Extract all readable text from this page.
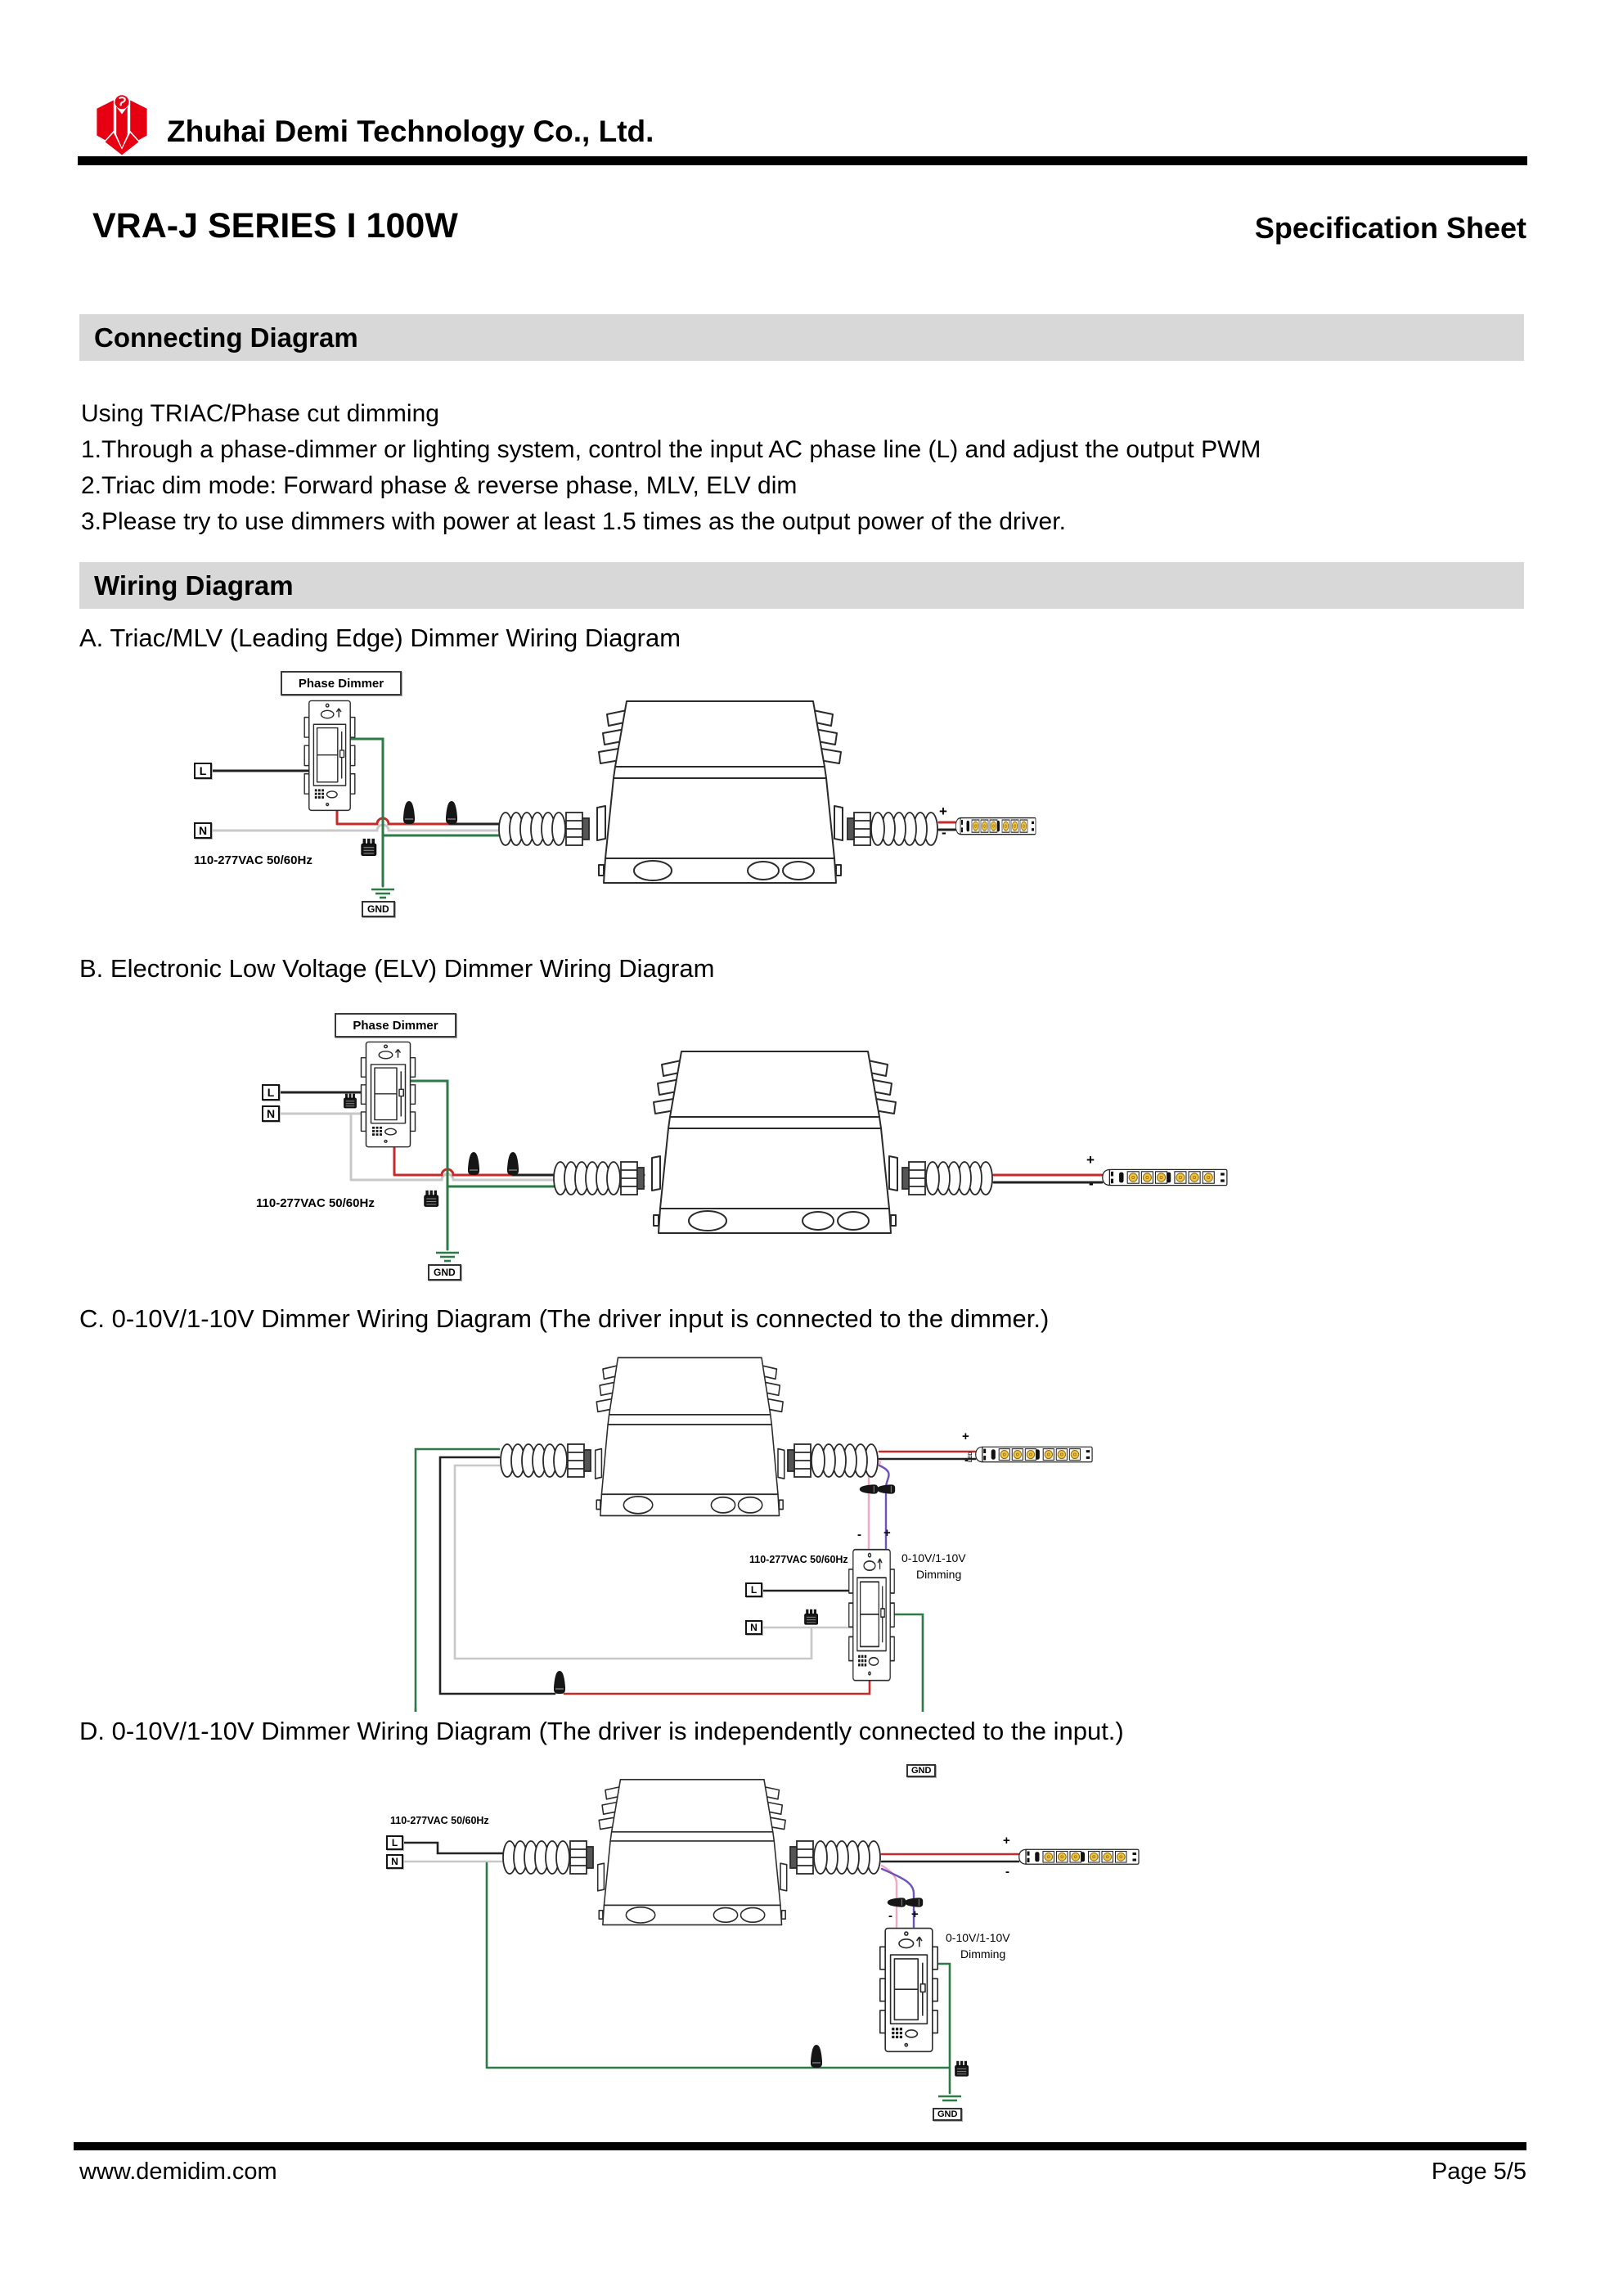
Zhuhai Demi Technology Co., Ltd.
VRA-J SERIES I 100W	Specification Sheet
Connecting Diagram
Using TRIAC/Phase cut dimming
1.Through a phase-dimmer or lighting system, control the input AC phase line (L) and adjust the output PWM
2.Triac dim mode: Forward phase & reverse phase, MLV, ELV dim
3.Please try to use dimmers with power at least 1.5 times as the output power of the driver.
Wiring Diagram
A. Triac/MLV (Leading Edge) Dimmer Wiring Diagram
Phase Dimmer
L
N
110-277VAC 50/60Hz
GND
+
-
B. Electronic Low Voltage (ELV) Dimmer Wiring Diagram
Phase Dimmer
L
N
110-277VAC 50/60Hz
GND
+
-
C. 0-10V/1-10V Dimmer Wiring Diagram (The driver input is connected to the dimmer.)
110-277VAC 50/60Hz
L
N
- +
0-10V/1-10V
Dimming
GND
+
- LED
D. 0-10V/1-10V Dimmer Wiring Diagram (The driver is independently connected to the input.)
110-277VAC 50/60Hz
L
N
- +
0-10V/1-10V
Dimming
GND
+
-
www.demidim.com	Page 5/5
